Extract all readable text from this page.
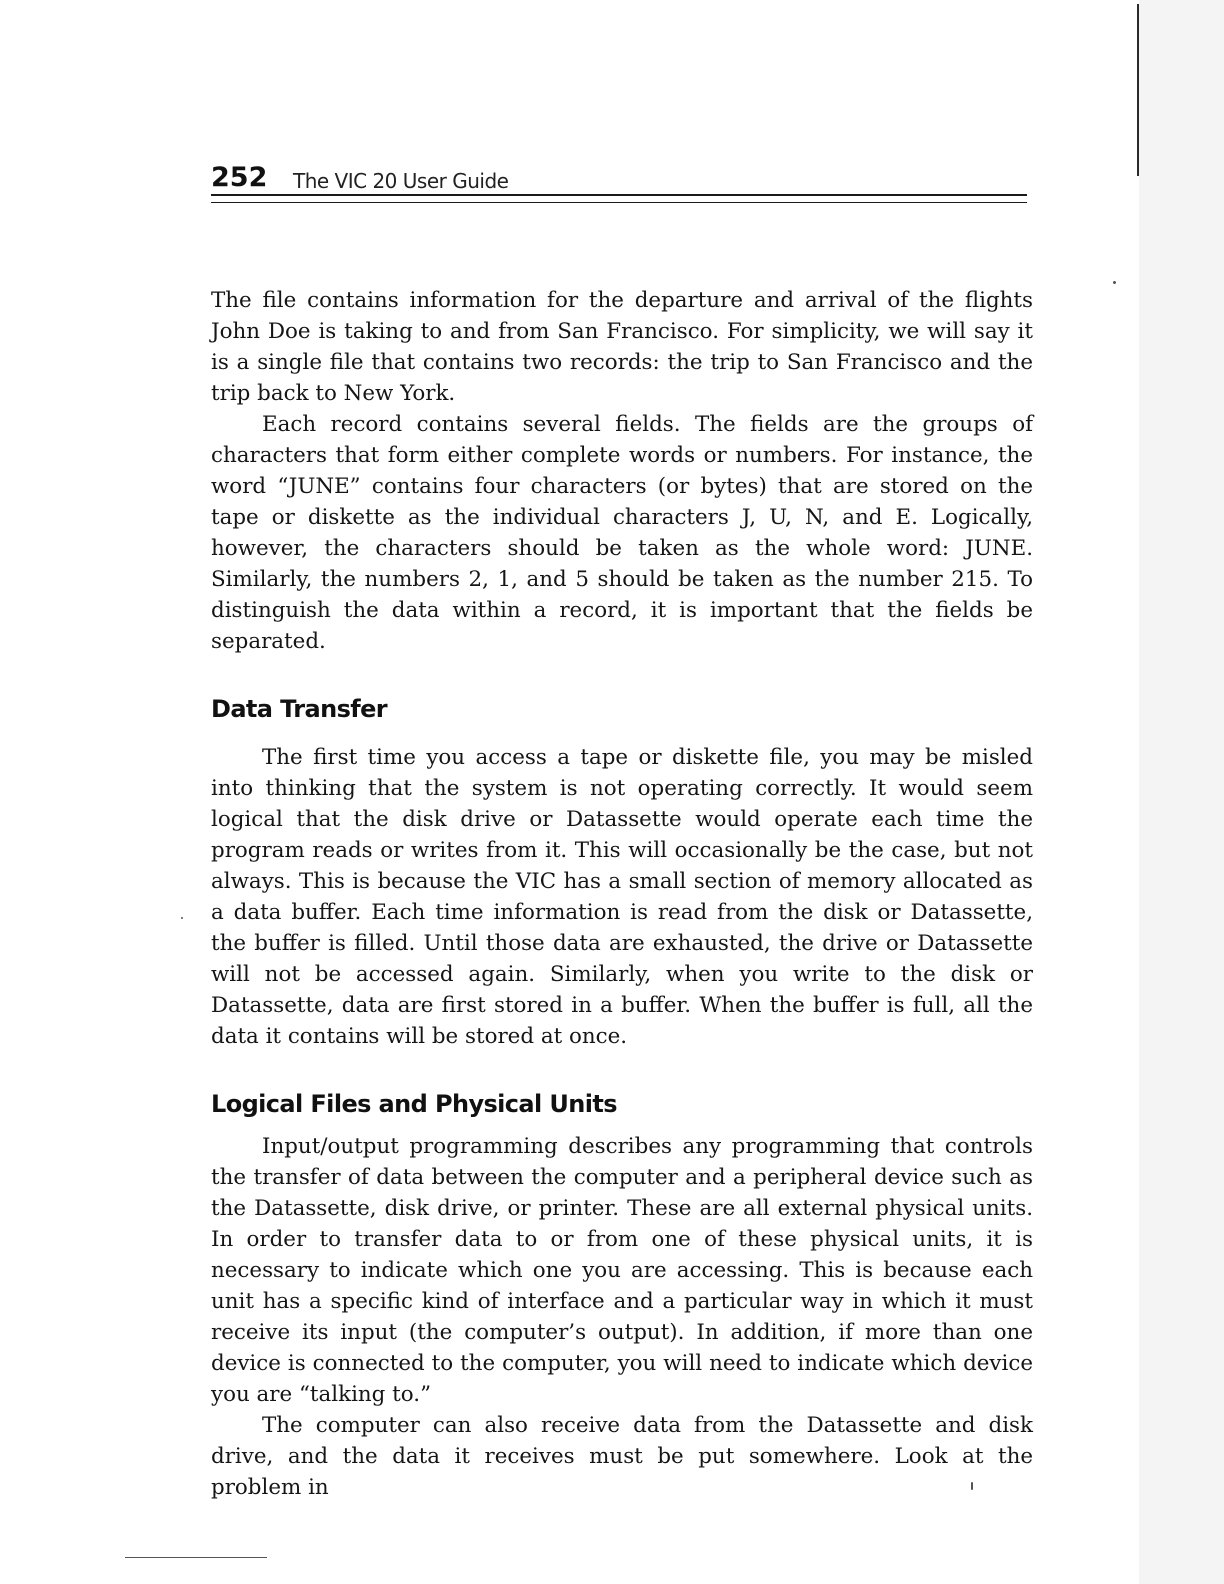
252 The VIC 20 User Guide

The file contains information for the departure and arrival of the flights John Doe is taking to and from San Francisco. For simplicity, we will say it is a single file that contains two records: the trip to San Francisco and the trip back to New York.

Each record contains several fields. The fields are the groups of characters that form either complete words or numbers. For instance, the word “JUNE” contains four characters (or bytes) that are stored on the tape or diskette as the individual characters J, U, N, and E. Logically, however, the characters should be taken as the whole word: JUNE. Similarly, the numbers 2, 1, and 5 should be taken as the number 215. To distinguish the data within a record, it is important that the fields be separated.

Data Transfer

The first time you access a tape or diskette file, you may be misled into thinking that the system is not operating correctly. It would seem logical that the disk drive or Datassette would operate each time the program reads or writes from it. This will occasionally be the case, but not always. This is because the VIC has a small section of memory allocated as a data buffer. Each time information is read from the disk or Datassette, the buffer is filled. Until those data are exhausted, the drive or Datassette will not be accessed again. Similarly, when you write to the disk or Datassette, data are first stored in a buffer. When the buffer is full, all the data it contains will be stored at once.

Logical Files and Physical Units

Input/output programming describes any programming that controls the transfer of data between the computer and a peripheral device such as the Datassette, disk drive, or printer. These are all external physical units. In order to transfer data to or from one of these physical units, it is necessary to indicate which one you are accessing. This is because each unit has a specific kind of interface and a particular way in which it must receive its input (the computer’s output). In addition, if more than one device is connected to the computer, you will need to indicate which device you are “talking to.”

The computer can also receive data from the Datassette and disk drive, and the data it receives must be put somewhere. Look at the problem in
